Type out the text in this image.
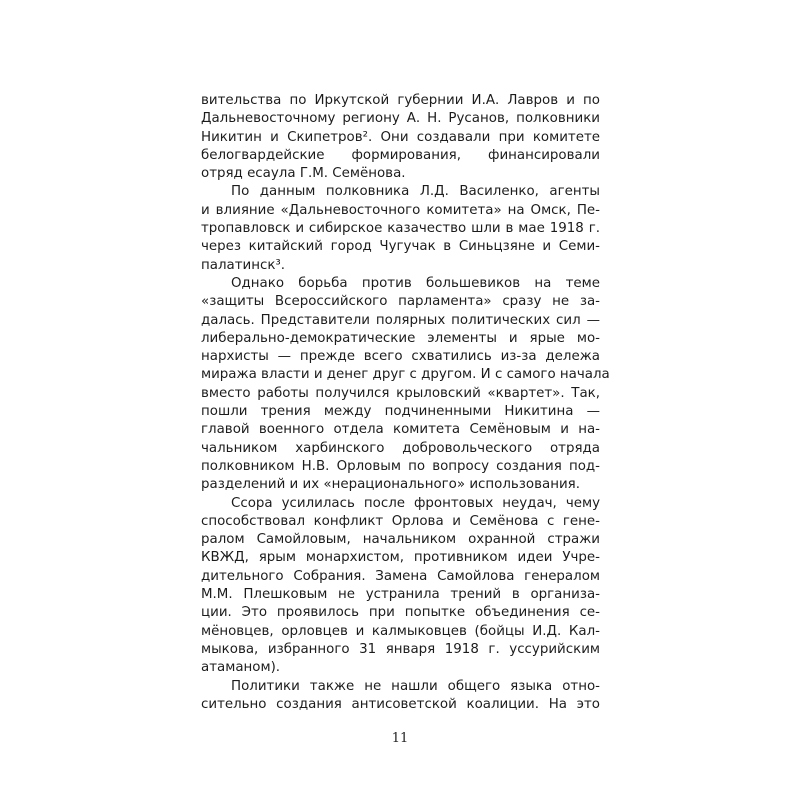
вительства по Иркутской губернии И.А. Лавров и по
Дальневосточному региону А. Н. Русанов, полковники
Никитин и Скипетров². Они создавали при комитете
белогвардейские формирования, финансировали
отряд есаула Г.М. Семёнова.
По данным полковника Л.Д. Василенко, агенты
и влияние «Дальневосточного комитета» на Омск, Пе-
тропавловск и сибирское казачество шли в мае 1918 г.
через китайский город Чугучак в Синьцзяне и Семи-
палатинск³.
Однако борьба против большевиков на теме
«защиты Всероссийского парламента» сразу не за-
далась. Представители полярных политических сил —
либерально-демократические элементы и ярые мо-
нархисты — прежде всего схватились из-за дележа
миража власти и денег друг с другом. И с самого начала
вместо работы получился крыловский «квартет». Так,
пошли трения между подчиненными Никитина —
главой военного отдела комитета Семёновым и на-
чальником харбинского добровольческого отряда
полковником Н.В. Орловым по вопросу создания под-
разделений и их «нерационального» использования.
Ссора усилилась после фронтовых неудач, чему
способствовал конфликт Орлова и Семёнова с гене-
ралом Самойловым, начальником охранной стражи
КВЖД, ярым монархистом, противником идеи Учре-
дительного Собрания. Замена Самойлова генералом
М.М. Плешковым не устранила трений в организа-
ции. Это проявилось при попытке объединения се-
мёновцев, орловцев и калмыковцев (бойцы И.Д. Кал-
мыкова, избранного 31 января 1918 г. уссурийским
атаманом).
Политики также не нашли общего языка отно-
сительно создания антисоветской коалиции. На это
11
